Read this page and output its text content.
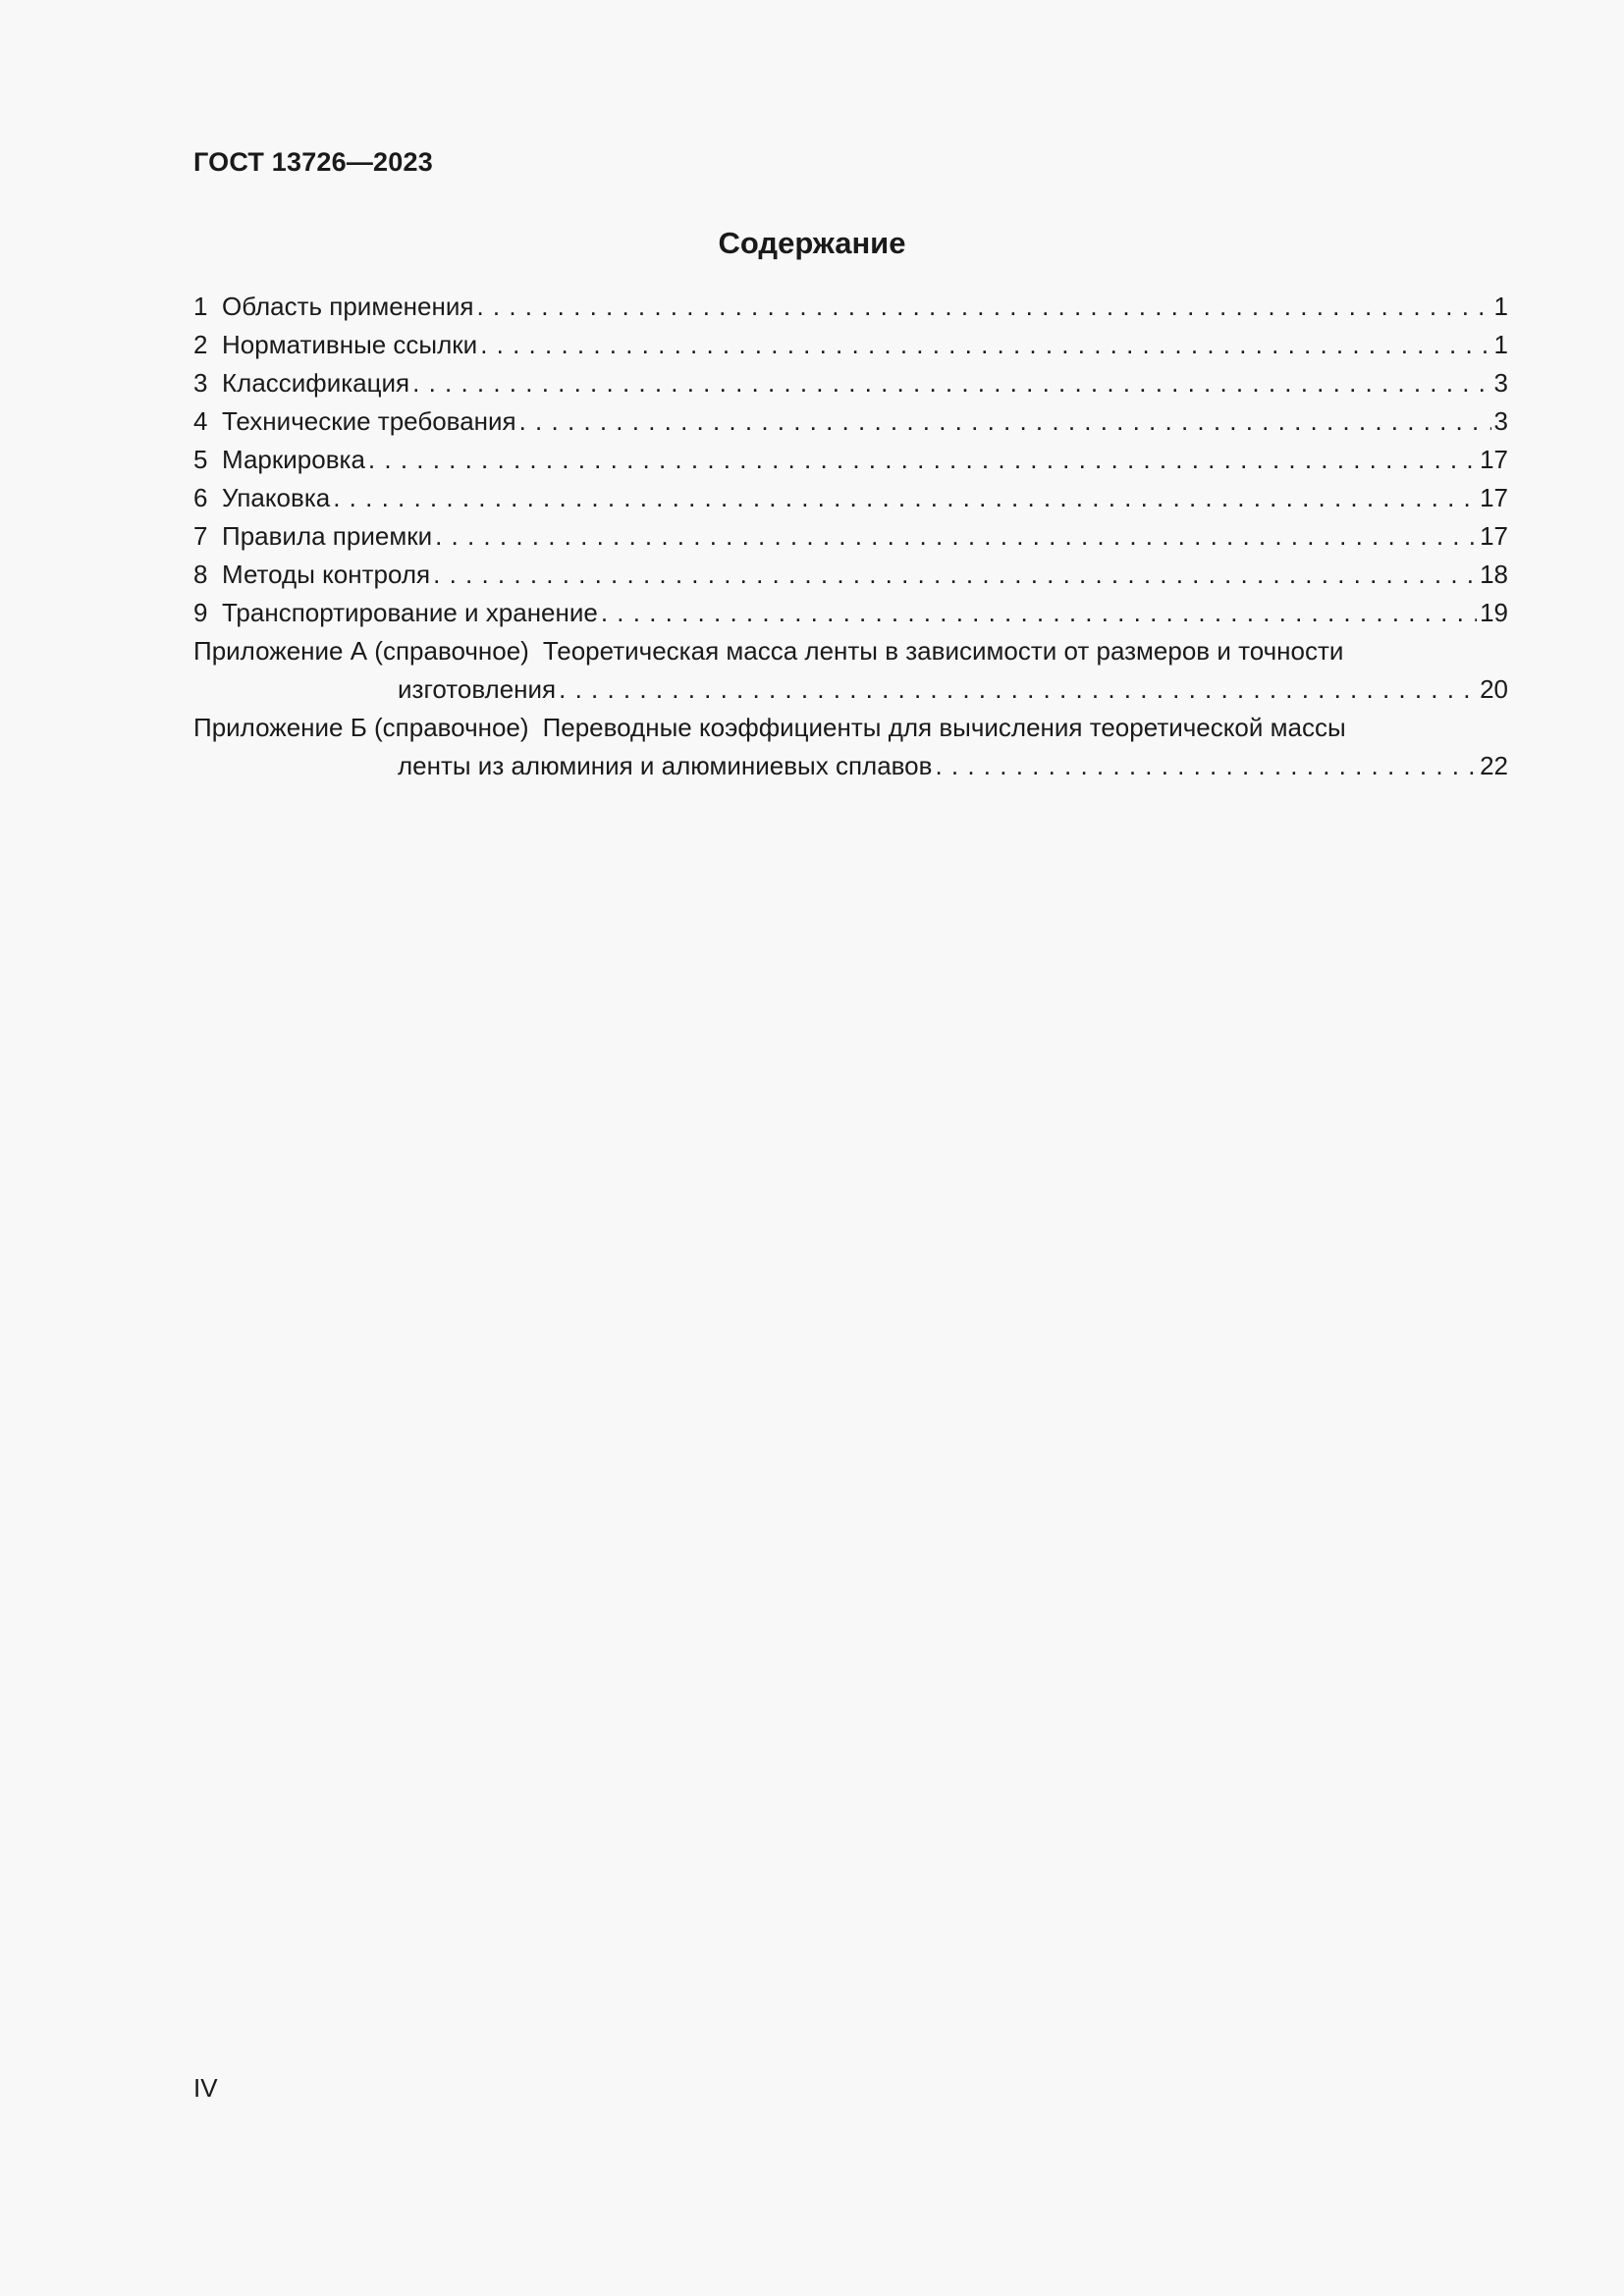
ГОСТ 13726—2023
Содержание
1 Область применения . . .	1
2 Нормативные ссылки . . .	1
3 Классификация . . .	3
4 Технические требования . . .	3
5 Маркировка . . .	17
6 Упаковка . . .	17
7 Правила приемки . . .	17
8 Методы контроля . . .	18
9 Транспортирование и хранение . . .	19
Приложение А (справочное) Теоретическая масса ленты в зависимости от размеров и точности
изготовления . . .	20
Приложение Б (справочное) Переводные коэффициенты для вычисления теоретической массы
ленты из алюминия и алюминиевых сплавов . . .	22
IV
